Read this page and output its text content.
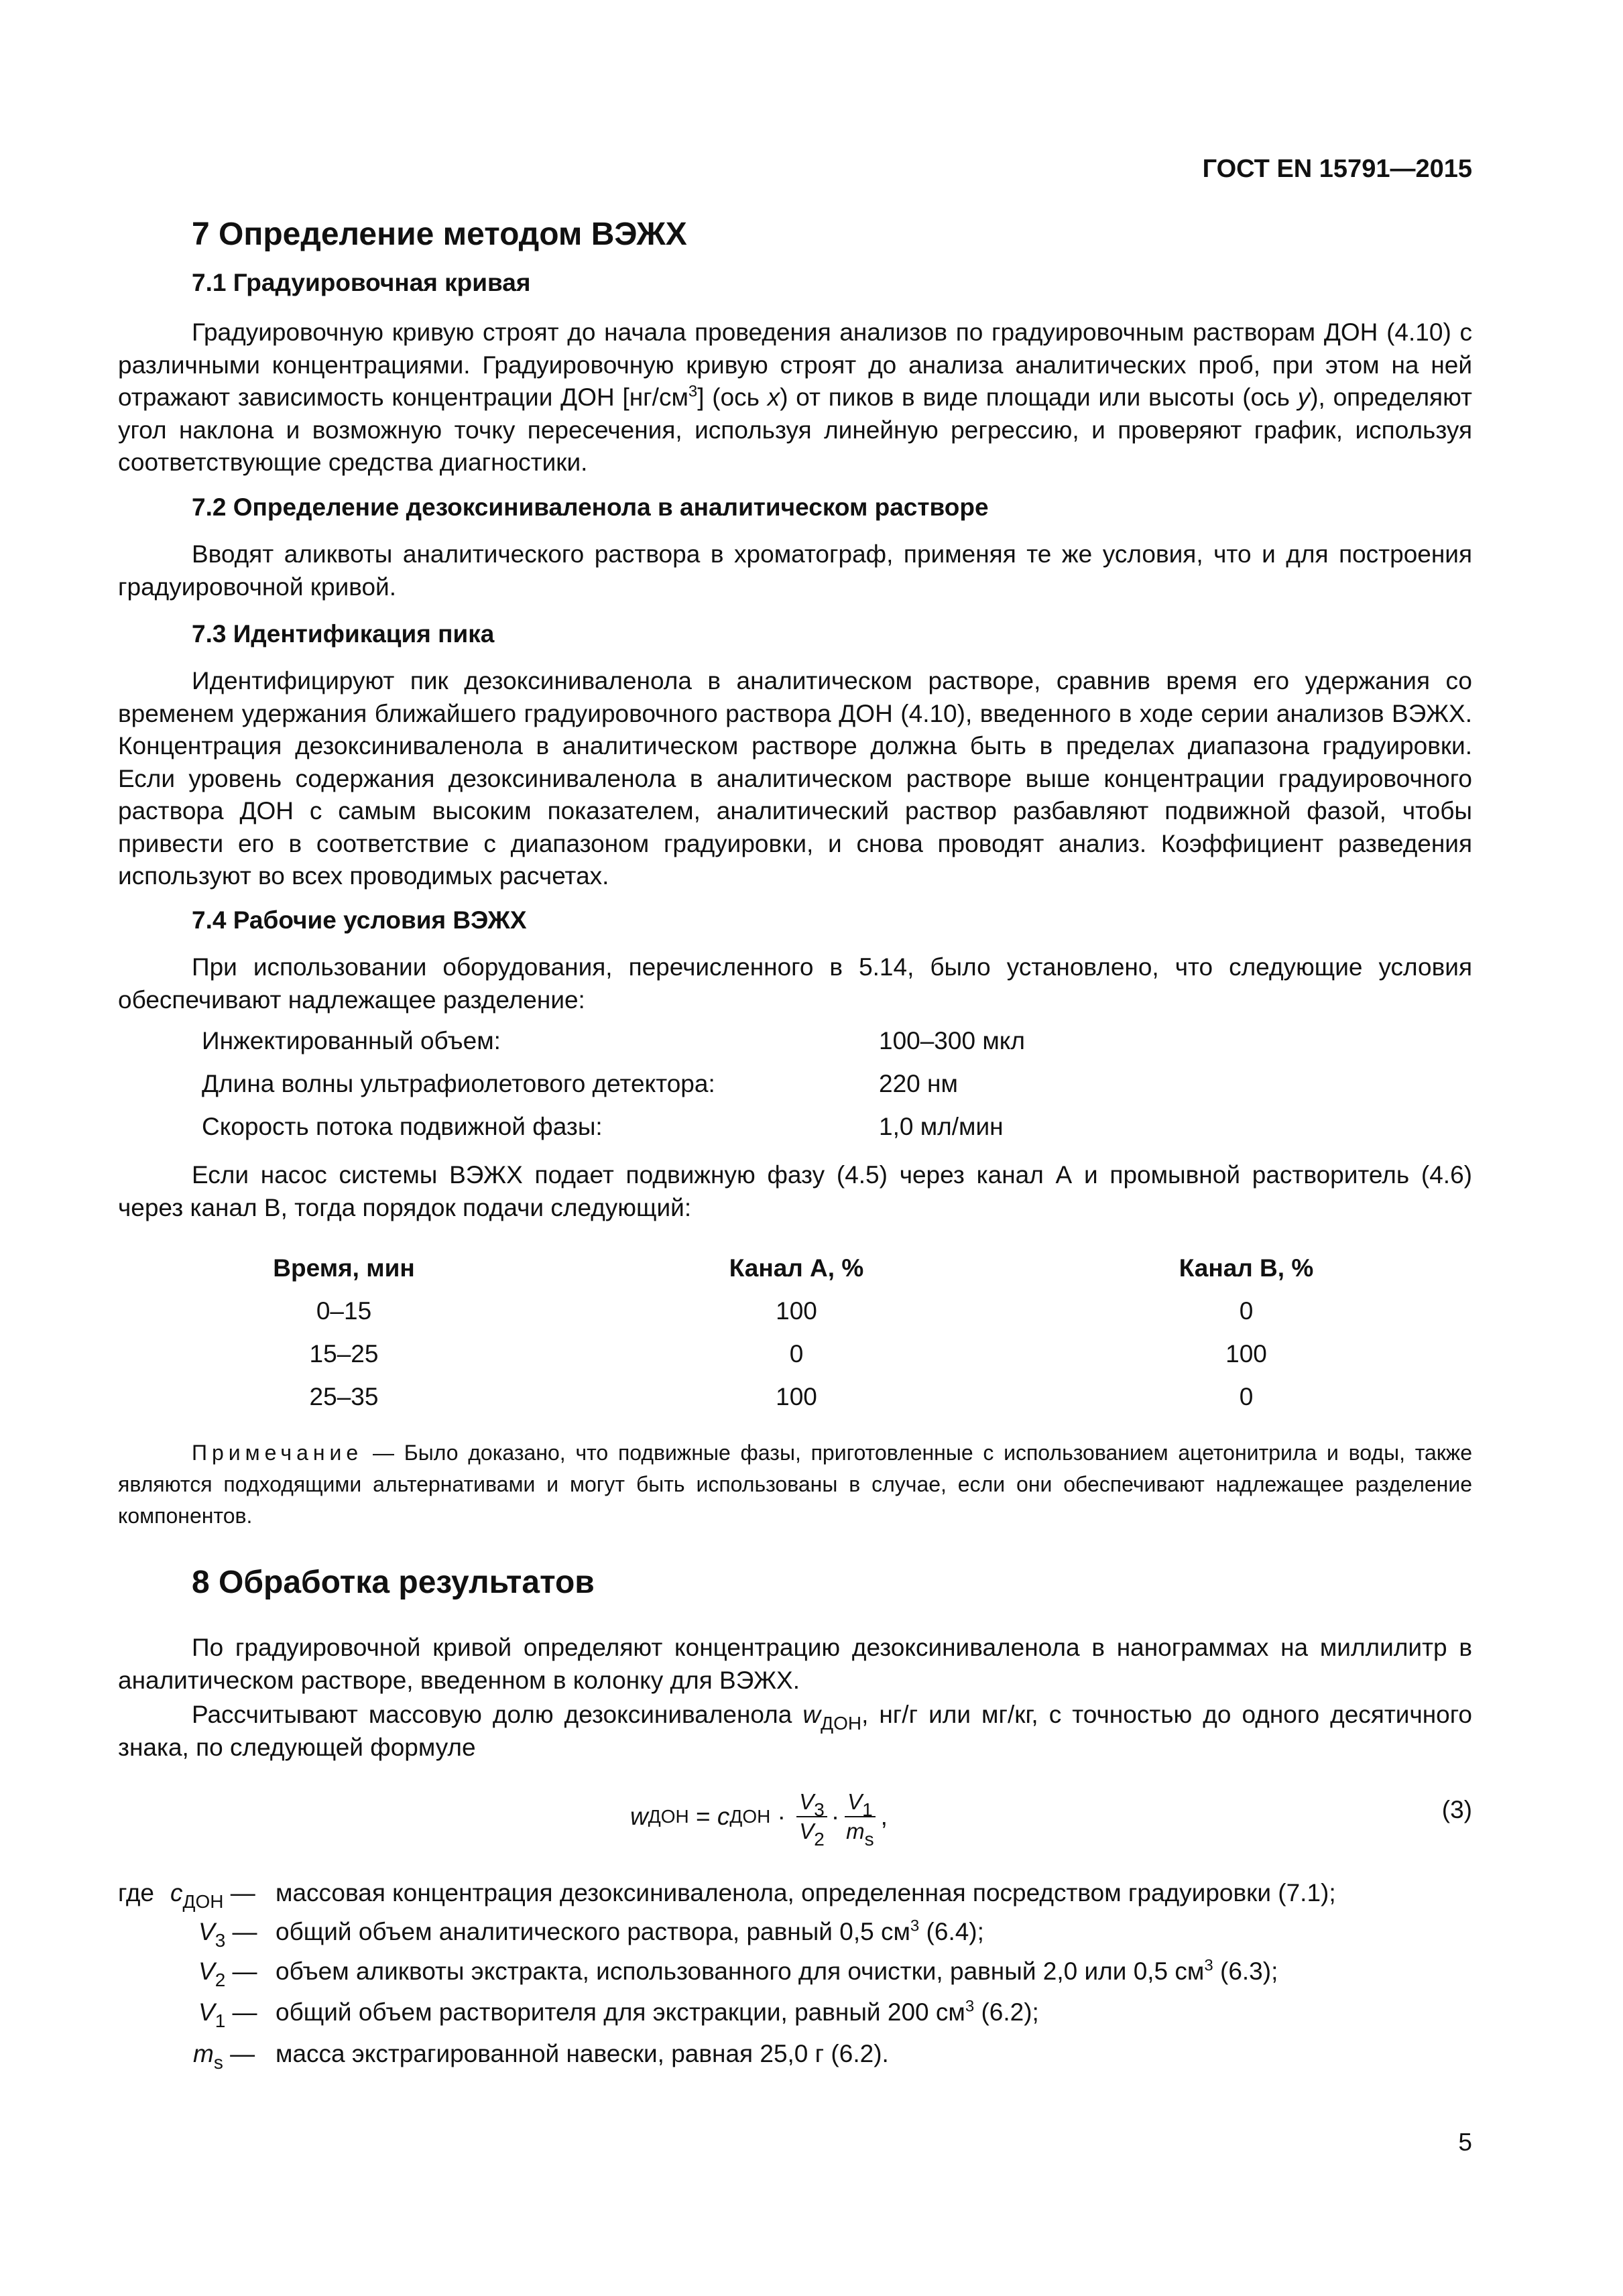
ГОСТ EN 15791—2015
7 Определение методом ВЭЖХ
7.1 Градуировочная кривая
Градуировочную кривую строят до начала проведения анализов по градуировочным растворам ДОН (4.10) с различными концентрациями. Градуировочную кривую строят до анализа аналитических проб, при этом на ней отражают зависимость концентрации ДОН $[нг/см^3]$ (ось x) от пиков в виде площади или высоты (ось y), определяют угол наклона и возможную точку пересечения, используя линейную регрессию, и проверяют график, используя соответствующие средства диагностики.
7.2 Определение дезоксиниваленола в аналитическом растворе
Вводят аликвоты аналитического раствора в хроматограф, применяя те же условия, что и для построения градуировочной кривой.
7.3 Идентификация пика
Идентифицируют пик дезоксиниваленола в аналитическом растворе, сравнив время его удержания со временем удержания ближайшего градуировочного раствора ДОН (4.10), введенного в ходе серии анализов ВЭЖХ. Концентрация дезоксиниваленола в аналитическом растворе должна быть в пределах диапазона градуировки. Если уровень содержания дезоксиниваленола в аналитическом растворе выше концентрации градуировочного раствора ДОН с самым высоким показателем, аналитический раствор разбавляют подвижной фазой, чтобы привести его в соответствие с диапазоном градуировки, и снова проводят анализ. Коэффициент разведения используют во всех проводимых расчетах.
7.4 Рабочие условия ВЭЖХ
При использовании оборудования, перечисленного в 5.14, было установлено, что следующие условия обеспечивают надлежащее разделение:
Инжектированный объем:	100–300 мкл
Длина волны ультрафиолетового детектора:	220 нм
Скорость потока подвижной фазы:	1,0 мл/мин
Если насос системы ВЭЖХ подает подвижную фазу (4.5) через канал А и промывной растворитель (4.6) через канал В, тогда порядок подачи следующий:
Время, мин	Канал А, %	Канал В, %
0–15	100	0
15–25	0	100
25–35	100	0
Примечание — Было доказано, что подвижные фазы, приготовленные с использованием ацетонитрила и воды, также являются подходящими альтернативами и могут быть использованы в случае, если они обеспечивают надлежащее разделение компонентов.
8 Обработка результатов
По градуировочной кривой определяют концентрацию дезоксиниваленола в нанограммах на миллилитр в аналитическом растворе, введенном в колонку для ВЭЖХ.
Рассчитывают массовую долю дезоксиниваленола $w_{ДОН}$, нг/г или мг/кг, с точностью до одного десятичного знака, по следующей формуле
w ДОН = c ДОН · $\frac{V_3}{V_2} \cdot \frac{V_1}{m_s}$ ,	(3)
где $c_{ДОН}$ — массовая концентрация дезоксиниваленола, определенная посредством градуировки (7.1);
$V_3$ — общий объем аналитического раствора, равный 0,5 $см^3$ (6.4);
$V_2$ — объем аликвоты экстракта, использованного для очистки, равный 2,0 или 0,5 $см^3$ (6.3);
$V_1$ — общий объем растворителя для экстракции, равный 200 $см^3$ (6.2);
$m_s$ — масса экстрагированной навески, равная 25,0 г (6.2).
5
